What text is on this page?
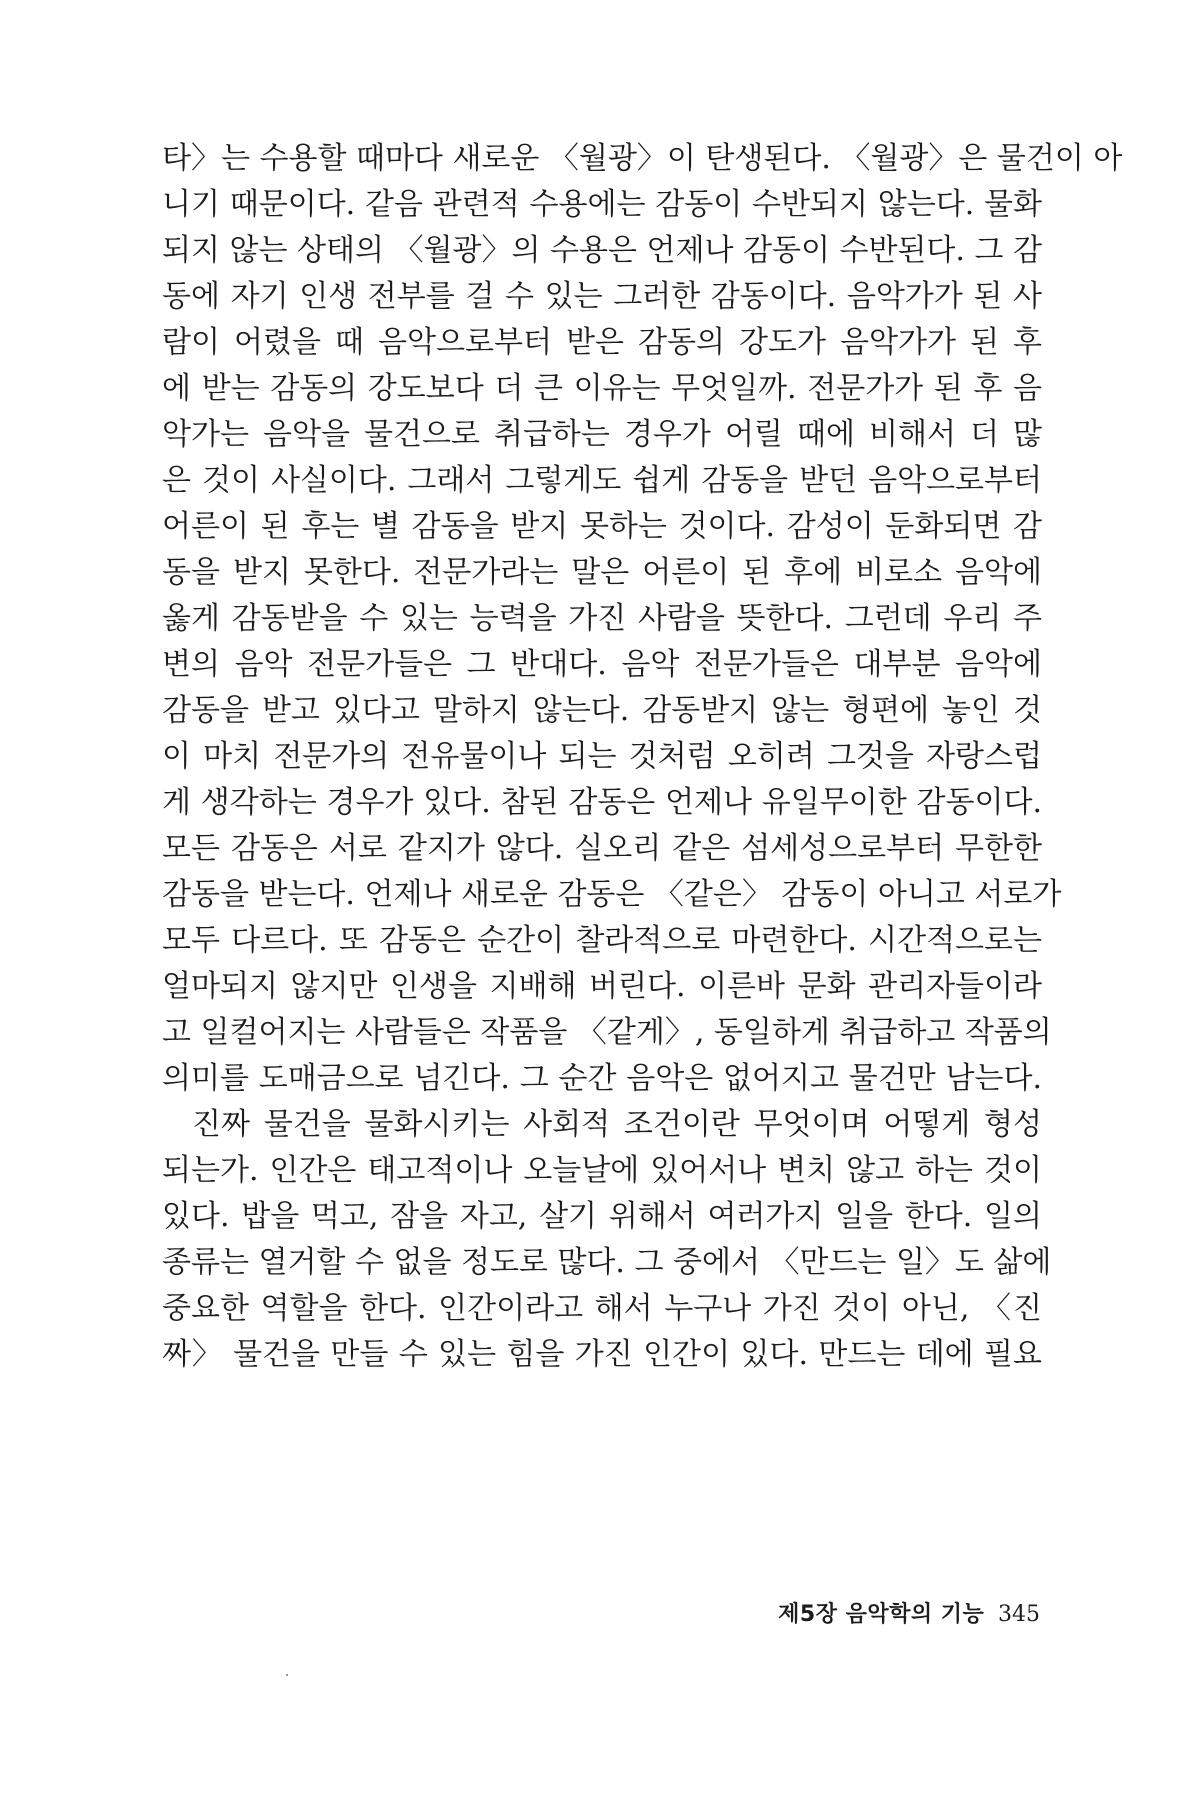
타〉는 수용할 때마다 새로운 〈월광〉이 탄생된다. 〈월광〉은 물건이 아
니기 때문이다. 같음 관련적 수용에는 감동이 수반되지 않는다. 물화
되지 않는 상태의 〈월광〉의 수용은 언제나 감동이 수반된다. 그 감
동에 자기 인생 전부를 걸 수 있는 그러한 감동이다. 음악가가 된 사
람이 어렸을 때 음악으로부터 받은 감동의 강도가 음악가가 된 후
에 받는 감동의 강도보다 더 큰 이유는 무엇일까. 전문가가 된 후 음
악가는 음악을 물건으로 취급하는 경우가 어릴 때에 비해서 더 많
은 것이 사실이다. 그래서 그렇게도 쉽게 감동을 받던 음악으로부터
어른이 된 후는 별 감동을 받지 못하는 것이다. 감성이 둔화되면 감
동을 받지 못한다. 전문가라는 말은 어른이 된 후에 비로소 음악에
옳게 감동받을 수 있는 능력을 가진 사람을 뜻한다. 그런데 우리 주
변의 음악 전문가들은 그 반대다. 음악 전문가들은 대부분 음악에
감동을 받고 있다고 말하지 않는다. 감동받지 않는 형편에 놓인 것
이 마치 전문가의 전유물이나 되는 것처럼 오히려 그것을 자랑스럽
게 생각하는 경우가 있다. 참된 감동은 언제나 유일무이한 감동이다.
모든 감동은 서로 같지가 않다. 실오리 같은 섬세성으로부터 무한한
감동을 받는다. 언제나 새로운 감동은 〈같은〉 감동이 아니고 서로가
모두 다르다. 또 감동은 순간이 찰라적으로 마련한다. 시간적으로는
얼마되지 않지만 인생을 지배해 버린다. 이른바 문화 관리자들이라
고 일컬어지는 사람들은 작품을 〈같게〉, 동일하게 취급하고 작품의
의미를 도매금으로 넘긴다. 그 순간 음악은 없어지고 물건만 남는다.
진짜 물건을 물화시키는 사회적 조건이란 무엇이며 어떻게 형성
되는가. 인간은 태고적이나 오늘날에 있어서나 변치 않고 하는 것이
있다. 밥을 먹고, 잠을 자고, 살기 위해서 여러가지 일을 한다. 일의
종류는 열거할 수 없을 정도로 많다. 그 중에서 〈만드는 일〉도 삶에
중요한 역할을 한다. 인간이라고 해서 누구나 가진 것이 아닌, 〈진
짜〉 물건을 만들 수 있는 힘을 가진 인간이 있다. 만드는 데에 필요
제5장 음악학의 기능 345
